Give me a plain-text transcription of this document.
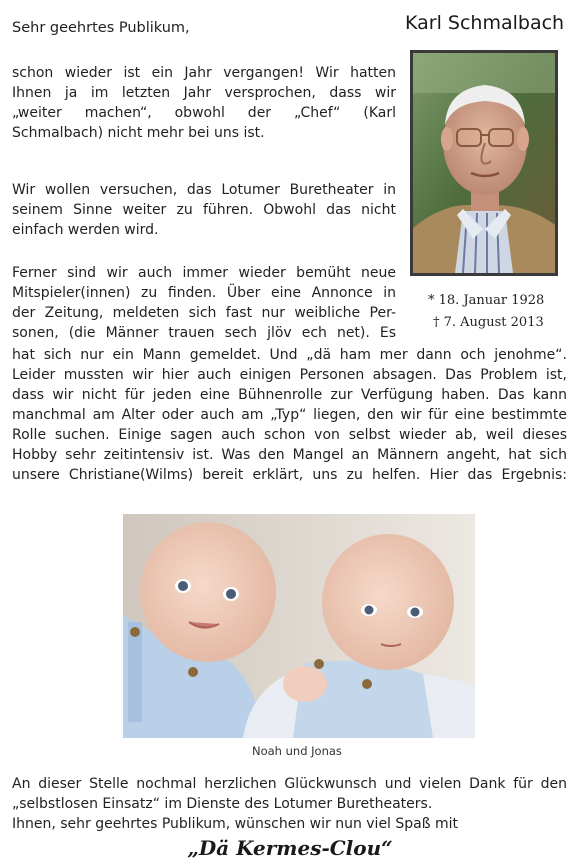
Sehr geehrtes Publikum,	Karl Schmalbach
schon wieder ist ein Jahr vergangen! Wir hatten
Ihnen ja im letzten Jahr versprochen, dass wir
„weiter machen“, obwohl der „Chef“ (Karl
Schmalbach) nicht mehr bei uns ist.
Wir wollen versuchen, das Lotumer Buretheater in
seinem Sinne weiter zu führen. Obwohl das nicht
einfach werden wird.
Ferner sind wir auch immer wieder bemüht neue
Mitspieler(innen) zu finden. Über eine Annonce in
der Zeitung, meldeten sich fast nur weibliche Per-
sonen, (die Männer trauen sech jlöv ech net). Es
hat sich nur ein Mann gemeldet. Und „dä ham mer dann och jenohme“.
Leider mussten wir hier auch einigen Personen absagen. Das Problem ist,
dass wir nicht für jeden eine Bühnenrolle zur Verfügung haben. Das kann
manchmal am Alter oder auch am „Typ“ liegen, den wir für eine bestimmte
Rolle suchen. Einige sagen auch schon von selbst wieder ab, weil dieses
Hobby sehr zeitintensiv ist. Was den Mangel an Männern angeht, hat sich
unsere Christiane(Wilms) bereit erklärt, uns zu helfen. Hier das Ergebnis:
* 18. Januar 1928
† 7. August 2013
Noah und Jonas
An dieser Stelle nochmal herzlichen Glückwunsch und vielen Dank für den
„selbstlosen Einsatz“ im Dienste des Lotumer Buretheaters.
Ihnen, sehr geehrtes Publikum, wünschen wir nun viel Spaß mit
„Dä Kermes-Clou“
